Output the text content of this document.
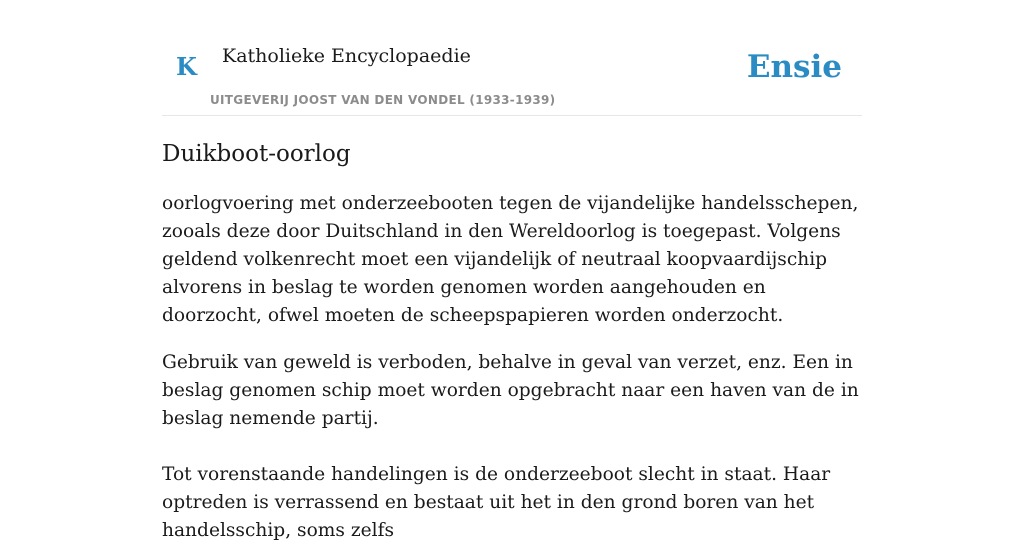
K Katholieke Encyclopaedie
UITGEVERIJ JOOST VAN DEN VONDEL (1933-1939)
Ensie
Duikboot-oorlog

oorlogvoering met onderzeebooten tegen de vijandelijke handelsschepen, zooals deze door Duitschland in den Wereldoorlog is toegepast. Volgens geldend volkenrecht moet een vijandelijk of neutraal koopvaardijschip alvorens in beslag te worden genomen worden aangehouden en doorzocht, ofwel moeten de scheepspapieren worden onderzocht.

Gebruik van geweld is verboden, behalve in geval van verzet, enz. Een in beslag genomen schip moet worden opgebracht naar een haven van de in beslag nemende partij.

Tot vorenstaande handelingen is de onderzeeboot slecht in staat. Haar optreden is verrassend en bestaat uit het in den grond boren van het handelsschip, soms zelfs
